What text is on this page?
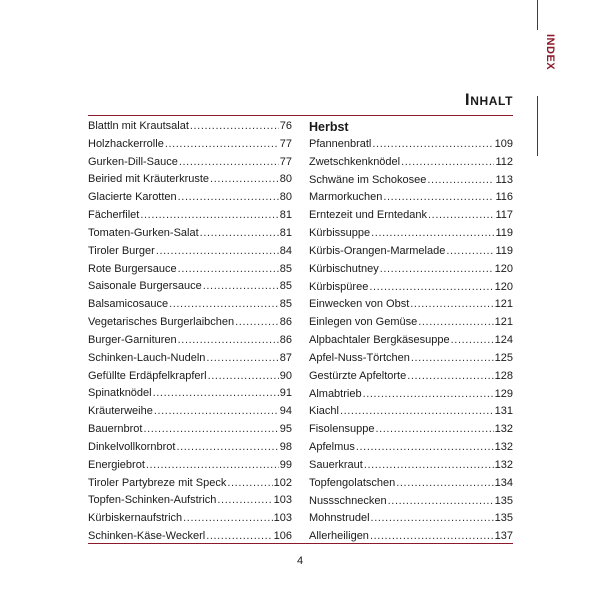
INDEX
Inhalt
Blattln mit Krautsalat .....	76
Holzhackerrolle .....	77
Gurken-Dill-Sauce .....	77
Beiried mit Kräuterkruste .....	80
Glacierte Karotten .....	80
Fächerfilet .....	81
Tomaten-Gurken-Salat .....	81
Tiroler Burger .....	84
Rote Burgersauce .....	85
Saisonale Burgersauce .....	85
Balsamicosauce .....	85
Vegetarisches Burgerlaibchen .....	86
Burger-Garnituren .....	86
Schinken-Lauch-Nudeln .....	87
Gefüllte Erdäpfelkrapferl .....	90
Spinatknödel .....	91
Kräuterweihe .....	94
Bauernbrot .....	95
Dinkelvollkornbrot .....	98
Energiebrot .....	99
Tiroler Partybreze mit Speck .....	102
Topfen-Schinken-Aufstrich .....	103
Kürbiskernaufstrich .....	103
Schinken-Käse-Weckerl .....	106
Herbst
Pfannenbratl .....	109
Zwetschkenknödel .....	112
Schwäne im Schokosee .....	113
Marmorkuchen .....	116
Erntezeit und Erntedank .....	117
Kürbissuppe .....	119
Kürbis-Orangen-Marmelade .....	119
Kürbischutney .....	120
Kürbispüree .....	120
Einwecken von Obst .....	121
Einlegen von Gemüse .....	121
Alpbachtaler Bergkäsesuppe .....	124
Apfel-Nuss-Törtchen .....	125
Gestürzte Apfeltorte .....	128
Almabtrieb .....	129
Kiachl .....	131
Fisolensuppe .....	132
Apfelmus .....	132
Sauerkraut .....	132
Topfengolatschen .....	134
Nussschnecken .....	135
Mohnstrudel .....	135
Allerheiligen .....	137
4
